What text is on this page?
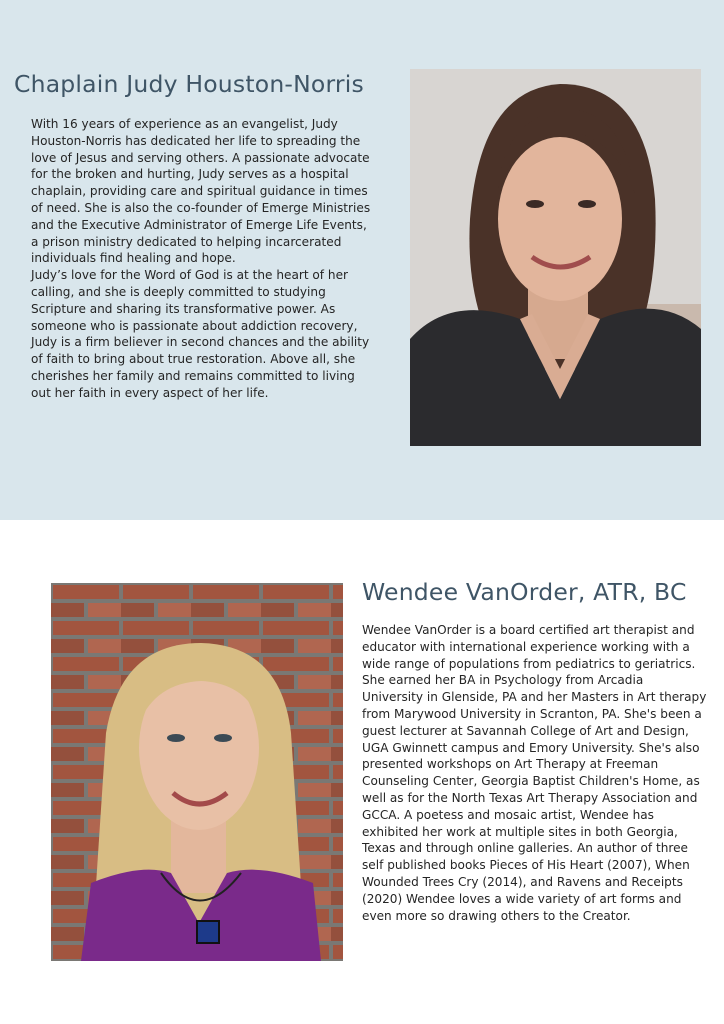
Chaplain Judy Houston-Norris

With 16 years of experience as an evangelist, Judy Houston-Norris has dedicated her life to spreading the love of Jesus and serving others. A passionate advocate for the broken and hurting, Judy serves as a hospital chaplain, providing care and spiritual guidance in times of need. She is also the co-founder of Emerge Ministries and the Executive Administrator of Emerge Life Events, a prison ministry dedicated to helping incarcerated individuals find healing and hope.

Judy’s love for the Word of God is at the heart of her calling, and she is deeply committed to studying Scripture and sharing its transformative power. As someone who is passionate about addiction recovery, Judy is a firm believer in second chances and the ability of faith to bring about true restoration. Above all, she cherishes her family and remains committed to living out her faith in every aspect of her life.

Wendee VanOrder, ATR, BC

Wendee VanOrder is a board certified art therapist and educator with international experience working with a wide range of populations from pediatrics to geriatrics. She earned her BA in Psychology from Arcadia University in Glenside, PA and her Masters in Art therapy from Marywood University in Scranton, PA. She's been a guest lecturer at Savannah College of Art and Design, UGA Gwinnett campus and Emory University. She's also presented workshops on Art Therapy at Freeman Counseling Center, Georgia Baptist Children's Home, as well as for the North Texas Art Therapy Association and GCCA. A poetess and mosaic artist, Wendee has exhibited her work at multiple sites in both Georgia, Texas and through online galleries. An author of three self published books Pieces of His Heart (2007), When Wounded Trees Cry (2014), and Ravens and Receipts (2020) Wendee loves a wide variety of art forms and even more so drawing others to the Creator.
